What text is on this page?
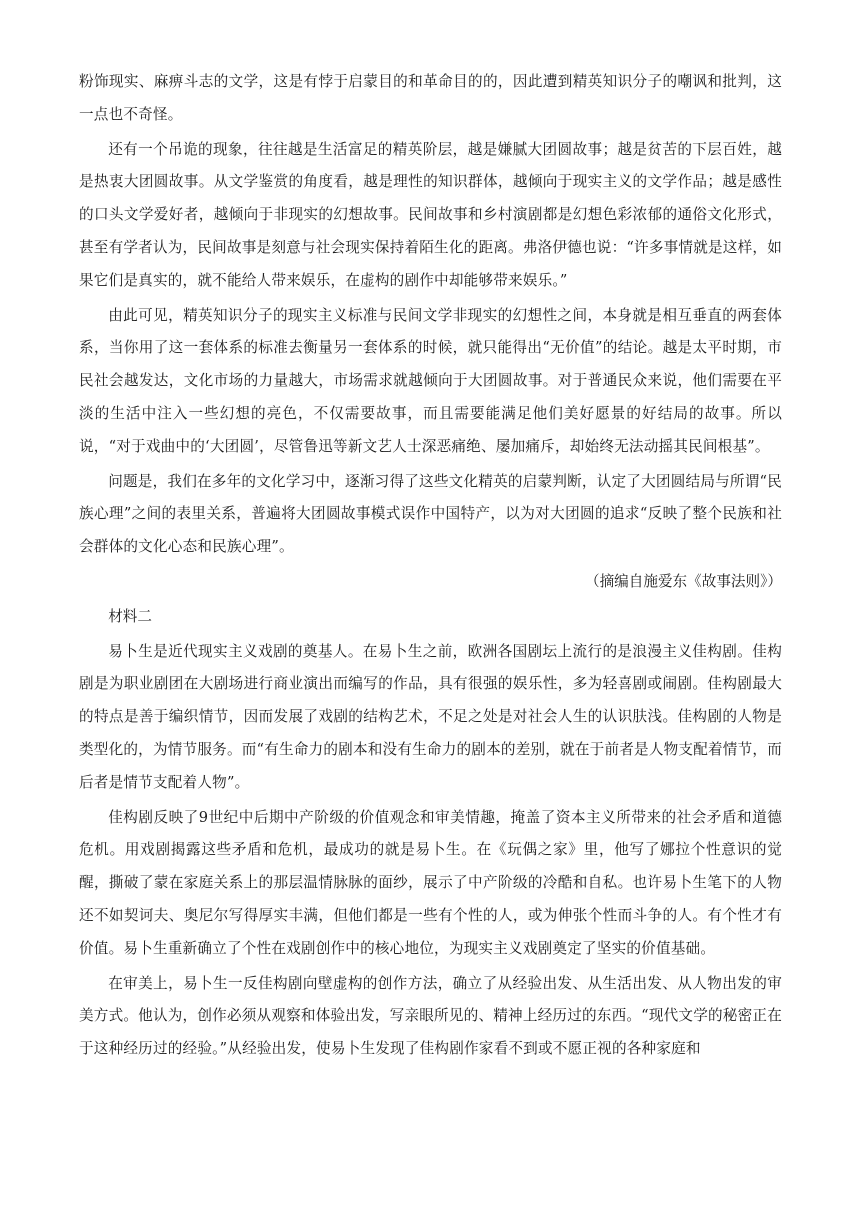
粉饰现实、麻痹斗志的文学，这是有悖于启蒙目的和革命目的的，因此遭到精英知识分子的嘲讽和批判，这一点也不奇怪。

还有一个吊诡的现象，往往越是生活富足的精英阶层，越是嫌腻大团圆故事；越是贫苦的下层百姓，越是热衷大团圆故事。从文学鉴赏的角度看，越是理性的知识群体，越倾向于现实主义的文学作品；越是感性的口头文学爱好者，越倾向于非现实的幻想故事。民间故事和乡村演剧都是幻想色彩浓郁的通俗文化形式，甚至有学者认为，民间故事是刻意与社会现实保持着陌生化的距离。弗洛伊德也说：“许多事情就是这样，如果它们是真实的，就不能给人带来娱乐，在虚构的剧作中却能够带来娱乐。”

由此可见，精英知识分子的现实主义标准与民间文学非现实的幻想性之间，本身就是相互垂直的两套体系，当你用了这一套体系的标准去衡量另一套体系的时候，就只能得出“无价值”的结论。越是太平时期，市民社会越发达，文化市场的力量越大，市场需求就越倾向于大团圆故事。对于普通民众来说，他们需要在平淡的生活中注入一些幻想的亮色，不仅需要故事，而且需要能满足他们美好愿景的好结局的故事。所以说，“对于戏曲中的‘大团圆’，尽管鲁迅等新文艺人士深恶痛绝、屡加痛斥，却始终无法动摇其民间根基”。

问题是，我们在多年的文化学习中，逐渐习得了这些文化精英的启蒙判断，认定了大团圆结局与所谓“民族心理”之间的表里关系，普遍将大团圆故事模式误作中国特产，以为对大团圆的追求“反映了整个民族和社会群体的文化心态和民族心理”。

（摘编自施爱东《故事法则》）

材料二

易卜生是近代现实主义戏剧的奠基人。在易卜生之前，欧洲各国剧坛上流行的是浪漫主义佳构剧。佳构剧是为职业剧团在大剧场进行商业演出而编写的作品，具有很强的娱乐性，多为轻喜剧或闹剧。佳构剧最大的特点是善于编织情节，因而发展了戏剧的结构艺术，不足之处是对社会人生的认识肤浅。佳构剧的人物是类型化的，为情节服务。而“有生命力的剧本和没有生命力的剧本的差别，就在于前者是人物支配着情节，而后者是情节支配着人物”。

佳构剧反映了9世纪中后期中产阶级的价值观念和审美情趣，掩盖了资本主义所带来的社会矛盾和道德危机。用戏剧揭露这些矛盾和危机，最成功的就是易卜生。在《玩偶之家》里，他写了娜拉个性意识的觉醒，撕破了蒙在家庭关系上的那层温情脉脉的面纱，展示了中产阶级的冷酷和自私。也许易卜生笔下的人物还不如契诃夫、奥尼尔写得厚实丰满，但他们都是一些有个性的人，或为伸张个性而斗争的人。有个性才有价值。易卜生重新确立了个性在戏剧创作中的核心地位，为现实主义戏剧奠定了坚实的价值基础。

在审美上，易卜生一反佳构剧向壁虚构的创作方法，确立了从经验出发、从生活出发、从人物出发的审美方式。他认为，创作必须从观察和体验出发，写亲眼所见的、精神上经历过的东西。“现代文学的秘密正在于这种经历过的经验。”从经验出发，使易卜生发现了佳构剧作家看不到或不愿正视的各种家庭和
